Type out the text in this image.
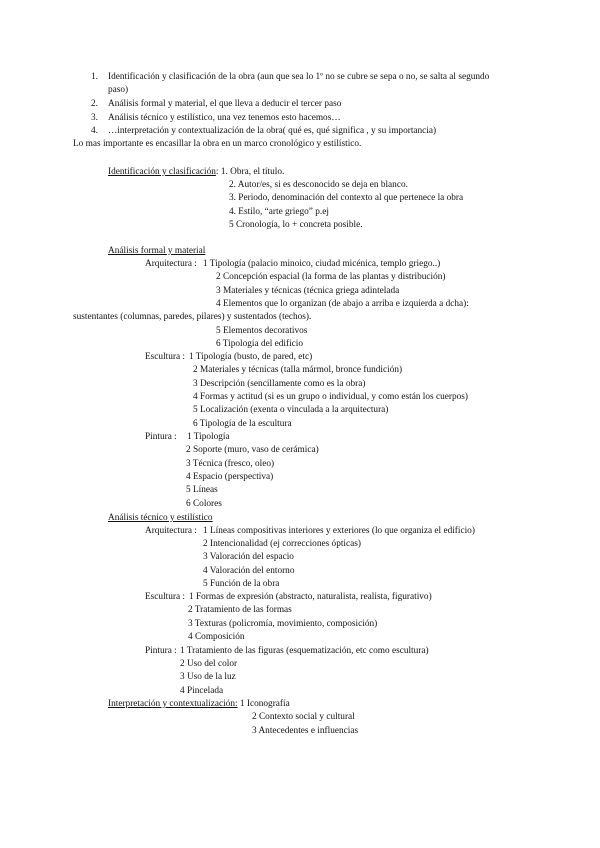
1. Identificación y clasificación de la obra (aun que sea lo 1º no se cubre se sepa o no, se salta al segundo
paso)
2. Análisis formal y material, el que lleva a deducir el tercer paso
3. Análisis técnico y estilístico, una vez tenemos esto hacemos…
4. …interpretación y contextualización de la obra( qué es, qué significa , y su importancia)
Lo mas importante es encasillar la obra en un marco cronológico y estilístico.
Identificación y clasificación: 1. Obra, el título.
2. Autor/es, si es desconocido se deja en blanco.
3. Periodo, denominación del contexto al que pertenece la obra
4. Estilo, “arte griego” p.ej
5 Cronología, lo + concreta posible.
Análisis formal y material
Arquitectura : 1 Tipología (palacio minoico, ciudad micénica, templo griego..)
2 Concepción espacial (la forma de las plantas y distribución)
3 Materiales y técnicas (técnica griega adintelada
4 Elementos que lo organizan (de abajo a arriba e izquierda a dcha):
sustentantes (columnas, paredes, pilares) y sustentados (techos).
5 Elementos decorativos
6 Tipología del edificio
Escultura : 1 Tipología (busto, de pared, etc)
2 Materiales y técnicas (talla mármol, bronce fundición)
3 Descripción (sencillamente como es la obra)
4 Formas y actitud (si es un grupo o individual, y como están los cuerpos)
5 Localización (exenta o vinculada a la arquitectura)
6 Tipología de la escultura
Pintura : 1 Tipología
2 Soporte (muro, vaso de cerámica)
3 Técnica (fresco, oleo)
4 Espacio (perspectiva)
5 Líneas
6 Colores
Análisis técnico y estilístico
Arquitectura : 1 Líneas compositivas interiores y exteriores (lo que organiza el edificio)
2 Intencionalidad (ej correcciones ópticas)
3 Valoración del espacio
4 Valoración del entorno
5 Función de la obra
Escultura : 1 Formas de expresión (abstracto, naturalista, realista, figurativo)
2 Tratamiento de las formas
3 Texturas (policromía, movimiento, composición)
4 Composición
Pintura : 1 Tratamiento de las figuras (esquematización, etc como escultura)
2 Uso del color
3 Uso de la luz
4 Pincelada
Interpretación y contextualización: 1 Iconografía
2 Contexto social y cultural
3 Antecedentes e influencias
